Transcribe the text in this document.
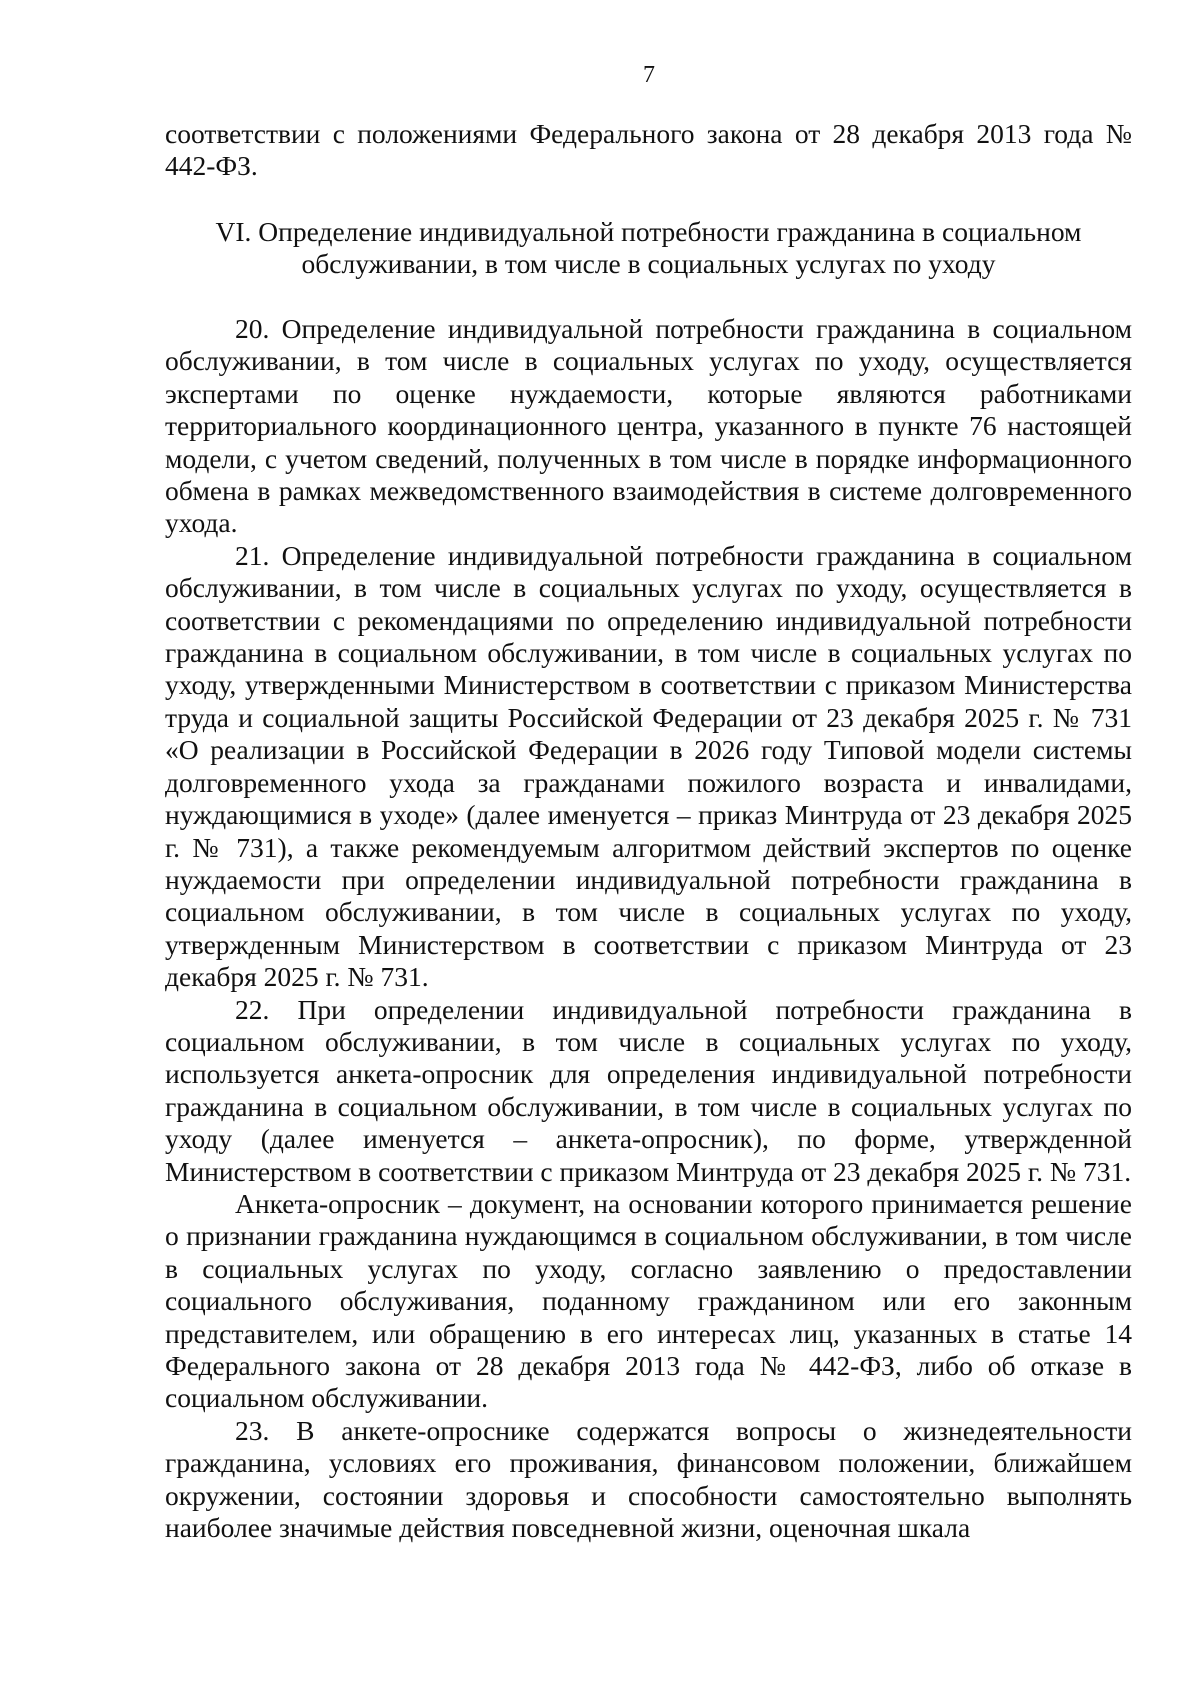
7

соответствии с положениями Федерального закона от 28 декабря 2013 года № 442-ФЗ.

VI. Определение индивидуальной потребности гражданина в социальном
обслуживании, в том числе в социальных услугах по уходу

20. Определение индивидуальной потребности гражданина в социальном обслуживании, в том числе в социальных услугах по уходу, осуществляется экспертами по оценке нуждаемости, которые являются работниками территориального координационного центра, указанного в пункте 76 настоящей модели, с учетом сведений, полученных в том числе в порядке информационного обмена в рамках межведомственного взаимодействия в системе долговременного ухода.

21. Определение индивидуальной потребности гражданина в социальном обслуживании, в том числе в социальных услугах по уходу, осуществляется в соответствии с рекомендациями по определению индивидуальной потребности гражданина в социальном обслуживании, в том числе в социальных услугах по уходу, утвержденными Министерством в соответствии с приказом Министерства труда и социальной защиты Российской Федерации от 23 декабря 2025 г. № 731 «О реализации в Российской Федерации в 2026 году Типовой модели системы долговременного ухода за гражданами пожилого возраста и инвалидами, нуждающимися в уходе» (далее именуется – приказ Минтруда от 23 декабря 2025 г. № 731), а также рекомендуемым алгоритмом действий экспертов по оценке нуждаемости при определении индивидуальной потребности гражданина в социальном обслуживании, в том числе в социальных услугах по уходу, утвержденным Министерством в соответствии с приказом Минтруда от 23 декабря 2025 г. № 731.

22. При определении индивидуальной потребности гражданина в социальном обслуживании, в том числе в социальных услугах по уходу, используется анкета-опросник для определения индивидуальной потребности гражданина в социальном обслуживании, в том числе в социальных услугах по уходу (далее именуется – анкета-опросник), по форме, утвержденной Министерством в соответствии с приказом Минтруда от 23 декабря 2025 г. № 731.

Анкета-опросник – документ, на основании которого принимается решение о признании гражданина нуждающимся в социальном обслуживании, в том числе в социальных услугах по уходу, согласно заявлению о предоставлении социального обслуживания, поданному гражданином или его законным представителем, или обращению в его интересах лиц, указанных в статье 14 Федерального закона от 28 декабря 2013 года № 442-ФЗ, либо об отказе в социальном обслуживании.

23. В анкете-опроснике содержатся вопросы о жизнедеятельности гражданина, условиях его проживания, финансовом положении, ближайшем окружении, состоянии здоровья и способности самостоятельно выполнять наиболее значимые действия повседневной жизни, оценочная шкала
